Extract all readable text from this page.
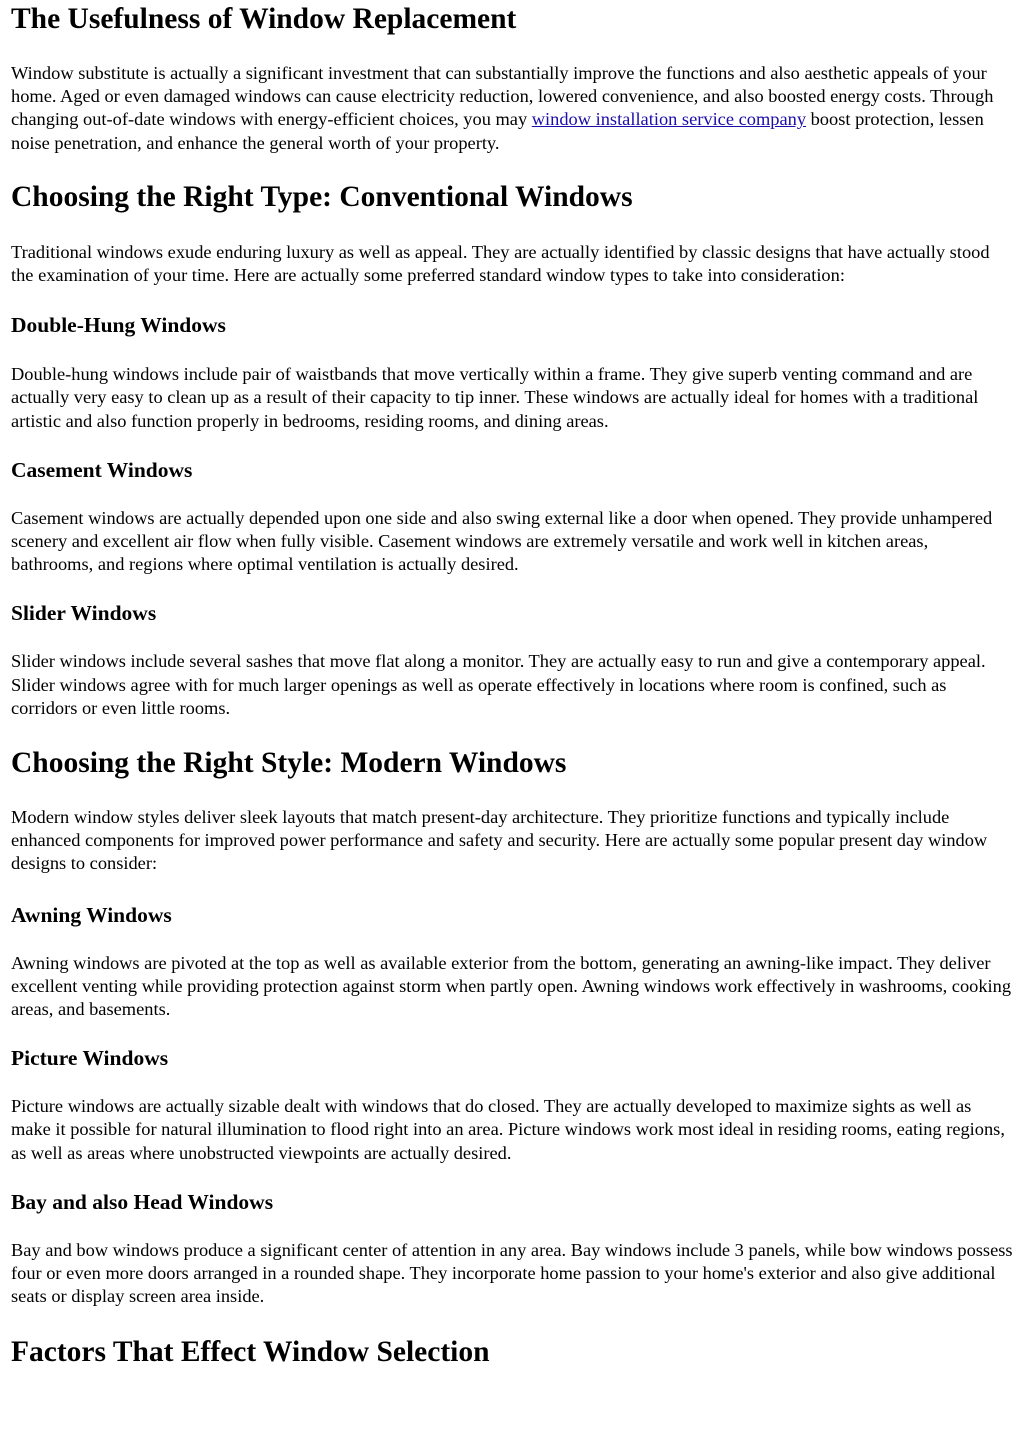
The Usefulness of Window Replacement

Window substitute is actually a significant investment that can substantially improve the functions and also aesthetic appeals of your home. Aged or even damaged windows can cause electricity reduction, lowered convenience, and also boosted energy costs. Through changing out-of-date windows with energy-efficient choices, you may window installation service company boost protection, lessen noise penetration, and enhance the general worth of your property.

Choosing the Right Type: Conventional Windows

Traditional windows exude enduring luxury as well as appeal. They are actually identified by classic designs that have actually stood the examination of your time. Here are actually some preferred standard window types to take into consideration:

Double-Hung Windows

Double-hung windows include pair of waistbands that move vertically within a frame. They give superb venting command and are actually very easy to clean up as a result of their capacity to tip inner. These windows are actually ideal for homes with a traditional artistic and also function properly in bedrooms, residing rooms, and dining areas.

Casement Windows

Casement windows are actually depended upon one side and also swing external like a door when opened. They provide unhampered scenery and excellent air flow when fully visible. Casement windows are extremely versatile and work well in kitchen areas, bathrooms, and regions where optimal ventilation is actually desired.

Slider Windows

Slider windows include several sashes that move flat along a monitor. They are actually easy to run and give a contemporary appeal. Slider windows agree with for much larger openings as well as operate effectively in locations where room is confined, such as corridors or even little rooms.

Choosing the Right Style: Modern Windows

Modern window styles deliver sleek layouts that match present-day architecture. They prioritize functions and typically include enhanced components for improved power performance and safety and security. Here are actually some popular present day window designs to consider:

Awning Windows

Awning windows are pivoted at the top as well as available exterior from the bottom, generating an awning-like impact. They deliver excellent venting while providing protection against storm when partly open. Awning windows work effectively in washrooms, cooking areas, and basements.

Picture Windows

Picture windows are actually sizable dealt with windows that do closed. They are actually developed to maximize sights as well as make it possible for natural illumination to flood right into an area. Picture windows work most ideal in residing rooms, eating regions, as well as areas where unobstructed viewpoints are actually desired.

Bay and also Head Windows

Bay and bow windows produce a significant center of attention in any area. Bay windows include 3 panels, while bow windows possess four or even more doors arranged in a rounded shape. They incorporate home passion to your home's exterior and also give additional seats or display screen area inside.

Factors That Effect Window Selection
